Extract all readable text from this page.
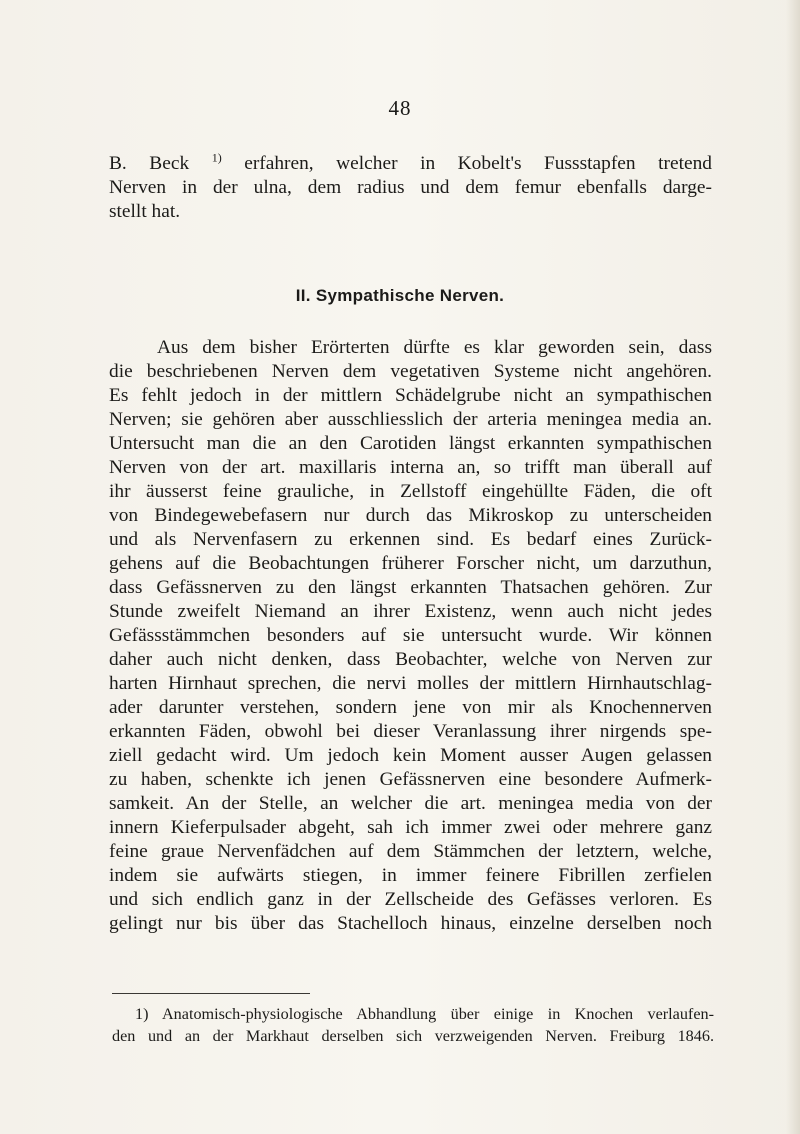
48

B. Beck $^{1)}$ erfahren, welcher in Kobelt's Fussstapfen tretend
Nerven in der ulna, dem radius und dem femur ebenfalls darge-
stellt hat.

II. Sympathische Nerven.

Aus dem bisher Erörterten dürfte es klar geworden sein, dass
die beschriebenen Nerven dem vegetativen Systeme nicht angehören.
Es fehlt jedoch in der mittlern Schädelgrube nicht an sympathischen
Nerven; sie gehören aber ausschliesslich der arteria meningea media an.
Untersucht man die an den Carotiden längst erkannten sympathischen
Nerven von der art. maxillaris interna an, so trifft man überall auf
ihr äusserst feine grauliche, in Zellstoff eingehüllte Fäden, die oft
von Bindegewebefasern nur durch das Mikroskop zu unterscheiden
und als Nervenfasern zu erkennen sind. Es bedarf eines Zurück-
gehens auf die Beobachtungen früherer Forscher nicht, um darzuthun,
dass Gefässnerven zu den längst erkannten Thatsachen gehören. Zur
Stunde zweifelt Niemand an ihrer Existenz, wenn auch nicht jedes
Gefässstämmchen besonders auf sie untersucht wurde. Wir können
daher auch nicht denken, dass Beobachter, welche von Nerven zur
harten Hirnhaut sprechen, die nervi molles der mittlern Hirnhautschlag-
ader darunter verstehen, sondern jene von mir als Knochennerven
erkannten Fäden, obwohl bei dieser Veranlassung ihrer nirgends spe-
ziell gedacht wird. Um jedoch kein Moment ausser Augen gelassen
zu haben, schenkte ich jenen Gefässnerven eine besondere Aufmerk-
samkeit. An der Stelle, an welcher die art. meningea media von der
innern Kieferpulsader abgeht, sah ich immer zwei oder mehrere ganz
feine graue Nervenfädchen auf dem Stämmchen der letztern, welche,
indem sie aufwärts stiegen, in immer feinere Fibrillen zerfielen
und sich endlich ganz in der Zellscheide des Gefässes verloren. Es
gelingt nur bis über das Stachelloch hinaus, einzelne derselben noch

1) Anatomisch-physiologische Abhandlung über einige in Knochen verlaufen-
den und an der Markhaut derselben sich verzweigenden Nerven. Freiburg 1846.
